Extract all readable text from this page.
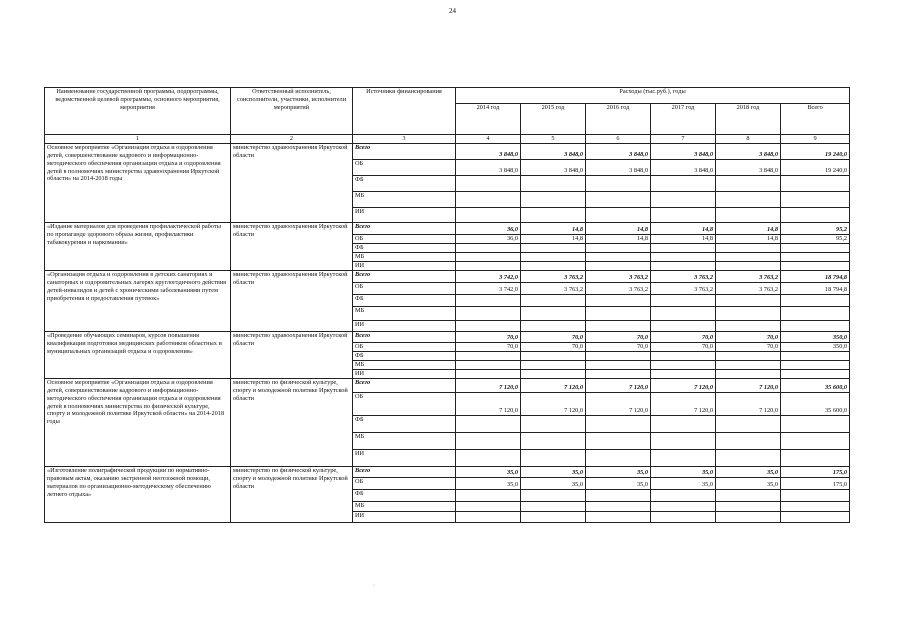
24
Наименование государственной программы, подпрограммы, ведомственной целевой программы, основного мероприятия, мероприятия	Ответственный исполнитель, соисполнители, участники, исполнители мероприятий	Источники финансирования	Расходы (тыс.руб.), годы					
			2014 год	2015 год	2016 год	2017 год	2018 год	Всего
1	2	3	4	5	6	7	8	9
Основное мероприятие «Организация отдыха и оздоровления детей, совершенствование кадрового и информационно-методического обеспечения организации отдыха и оздоровления детей в полномочиях министерства здравоохранения Иркутской области» на 2014-2018 годы	министерство здравоохранения Иркутской области	Всего	3 848,0	3 848,0	3 848,0	3 848,0	3 848,0	19 240,0
		ОБ	3 848,0	3 848,0	3 848,0	3 848,0	3 848,0	19 240,0
		ФБ						
		МБ						
		ИИ						
«Издание материалов для проведения профилактической работы по пропаганде здорового образа жизни, профилактики табакокурения и наркомании»	министерство здравоохранения Иркутской области	Всего	36,0	14,8	14,8	14,8	14,8	95,2
		ОБ	36,0	14,8	14,8	14,8	14,8	95,2
		ФБ						
		МБ						
		ИИ						
«Организация отдыха и оздоровления в детских санаториях и санаторных и оздоровительных лагерях круглогодичного действия детей-инвалидов и детей с хроническими заболеваниями путем приобретения и предоставления путевок»	министерство здравоохранения Иркутской области	Всего	3 742,0	3 763,2	3 763,2	3 763,2	3 763,2	18 794,8
		ОБ	3 742,0	3 763,2	3 763,2	3 763,2	3 763,2	18 794,8
		ФБ						
		МБ						
		ИИ						
«Проведение обучающих семинаров, курсов повышения квалификации подготовки медицинских работников областных и муниципальных организаций отдыха и оздоровления»	министерство здравоохранения Иркутской области	Всего	70,0	70,0	70,0	70,0	70,0	350,0
		ОБ	70,0	70,0	70,0	70,0	70,0	350,0
		ФБ						
		МБ						
		ИИ						
Основное мероприятие «Организация отдыха и оздоровления детей, совершенствование кадрового и информационно-методического обеспечения организации отдыха и оздоровления детей в полномочиях министерства по физической культуре, спорту и молодежной политике Иркутской области» на 2014-2018 годы	министерство по физической культуре, спорту и молодежной политике Иркутской области	Всего	7 120,0	7 120,0	7 120,0	7 120,0	7 120,0	35 600,0
		ОБ	7 120,0	7 120,0	7 120,0	7 120,0	7 120,0	35 600,0
		ФБ						
		МБ						
		ИИ						
«Изготовление полиграфической продукции по нормативно-правовым актам, оказанию экстренной неотложной помощи, материалов по организационно-методическому обеспечению летнего отдыха»	министерство по физической культуре, спорту и молодежной политике Иркутской области	Всего	35,0	35,0	35,0	35,0	35,0	175,0
		ОБ	35,0	35,0	35,0	35,0	35,0	175,0
		ФБ						
		МБ						
		ИИ						
·
